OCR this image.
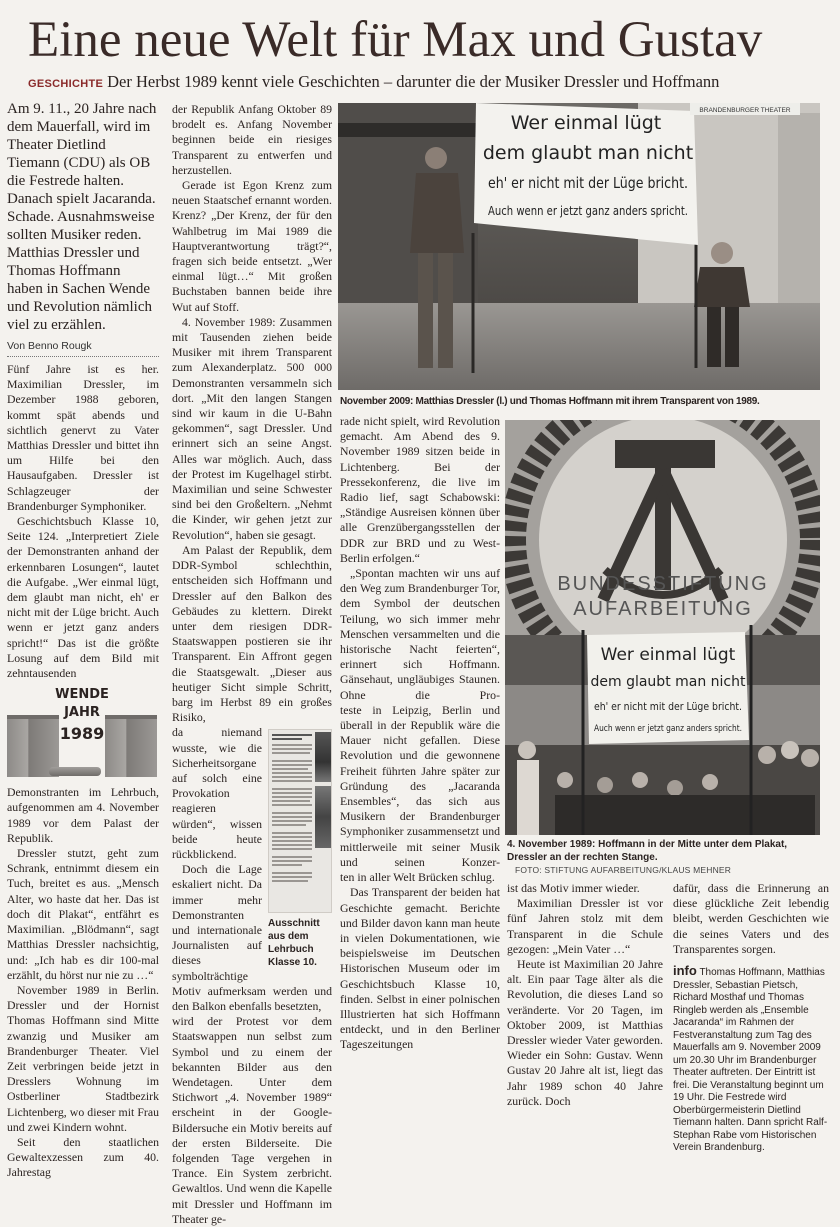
Eine neue Welt für Max und Gustav
GESCHICHTE Der Herbst 1989 kennt viele Geschichten – darunter die der Musiker Dressler und Hoffmann
Am 9. 11., 20 Jahre nach dem Mauerfall, wird im Theater Dietlind Tiemann (CDU) als OB die Festrede halten. Danach spielt Jacaranda. Schade. Ausnahmsweise sollten Musiker reden. Matthias Dressler und Thomas Hoffmann haben in Sachen Wende und Revolution nämlich viel zu erzählen.
Von Benno Rougk

Fünf Jahre ist es her. Maximilian Dressler, im Dezember 1988 geboren, kommt spät abends und sichtlich genervt zu Vater Matthias Dressler und bittet ihn um Hilfe bei den Hausaufgaben. Dressler ist Schlagzeuger der Brandenburger Symphoniker.

Geschichtsbuch Klasse 10, Seite 124. „Interpretiert Ziele der Demonstranten anhand der erkennbaren Losungen“, lautet die Aufgabe. „Wer einmal lügt, dem glaubt man nicht, eh' er nicht mit der Lüge bricht. Auch wenn er jetzt ganz anders spricht!“ Das ist die größte Losung auf dem Bild mit zehntausenden

WENDE
JAHR
1989

Demonstranten im Lehrbuch, aufgenommen am 4. November 1989 vor dem Palast der Republik.

Dressler stutzt, geht zum Schrank, entnimmt diesem ein Tuch, breitet es aus. „Mensch Alter, wo haste dat her. Das ist doch dit Plakat“, entfährt es Maximilian. „Blödmann“, sagt Matthias Dressler nachsichtig, und: „Ich hab es dir 100-mal erzählt, du hörst nur nie zu …“

November 1989 in Berlin. Dressler und der Hornist Thomas Hoffmann sind Mitte zwanzig und Musiker am Brandenburger Theater. Viel Zeit verbringen beide jetzt in Dresslers Wohnung im Ostberliner Stadtbezirk Lichtenberg, wo dieser mit Frau und zwei Kindern wohnt.

Seit den staatlichen Gewaltexzessen zum 40. Jahrestag

der Republik Anfang Oktober 89 brodelt es. Anfang November beginnen beide ein riesiges Transparent zu entwerfen und herzustellen.

Gerade ist Egon Krenz zum neuen Staatschef ernannt worden. Krenz? „Der Krenz, der für den Wahlbetrug im Mai 1989 die Hauptverantwortung trägt?“, fragen sich beide entsetzt. „Wer einmal lügt…“ Mit großen Buchstaben bannen beide ihre Wut auf Stoff.

4. November 1989: Zusammen mit Tausenden ziehen beide Musiker mit ihrem Transparent zum Alexanderplatz. 500 000 Demonstranten versammeln sich dort. „Mit den langen Stangen sind wir kaum in die U-Bahn gekommen“, sagt Dressler. Und erinnert sich an seine Angst. Alles war möglich. Auch, dass der Protest im Kugelhagel stirbt. Maximilian und seine Schwester sind bei den Großeltern. „Nehmt die Kinder, wir gehen jetzt zur Revolution“, haben sie gesagt.

Am Palast der Republik, dem DDR-Symbol schlechthin, entscheiden sich Hoffmann und Dressler auf den Balkon des Gebäudes zu klettern. Direkt unter dem riesigen DDR-Staatswappen postieren sie ihr Transparent. Ein Affront gegen die Staatsgewalt. „Dieser aus heutiger Sicht simple Schritt, barg im Herbst 89 ein großes Risiko,

Ausschnitt aus dem Lehrbuch Klasse 10.

da niemand wusste, wie die Sicherheitsorgane auf solch eine Provokation reagieren würden“, wissen beide heute rückblickend.

Doch die Lage eskaliert nicht. Da immer mehr Demonstranten und internationale Journalisten auf dieses symbolträchtige Motiv aufmerksam werden und den Balkon ebenfalls besetzten,

wird der Protest vor dem Staatswappen nun selbst zum Symbol und zu einem der bekannten Bilder aus den Wendetagen. Unter dem Stichwort „4. November 1989“ erscheint in der Google-Bildersuche ein Motiv bereits auf der ersten Bilderseite. Die folgenden Tage vergehen in Trance. Ein System zerbricht. Gewaltlos. Und wenn die Kapelle mit Dressler und Hoffmann im Theater ge-

Wer einmal lügt
dem glaubt man nicht
eh' er nicht mit der Lüge bricht.
Auch wenn er jetzt ganz anders spricht.
BRANDENBURGER THEATER
November 2009: Matthias Dressler (l.) und Thomas Hoffmann mit ihrem Transparent von 1989.

rade nicht spielt, wird Revolution gemacht. Am Abend des 9. November 1989 sitzen beide in Lichtenberg. Bei der Pressekonferenz, die live im Radio lief, sagt Schabowski: „Ständige Ausreisen können über alle Grenzübergangsstellen der DDR zur BRD und zu West-Berlin erfolgen.“

„Spontan machten wir uns auf den Weg zum Brandenburger Tor, dem Symbol der deutschen Teilung, wo sich immer mehr Menschen versammelten und die historische Nacht feierten“, erinnert sich Hoffmann. Gänsehaut, ungläubiges Staunen. Ohne die Pro-

teste in Leipzig, Berlin und überall in der Republik wäre die Mauer nicht gefallen. Diese Revolution und die gewonnene Freiheit führten Jahre später zur Gründung des „Jacaranda Ensembles“, das sich aus Musikern der Brandenburger Symphoniker zusammensetzt und mittlerweile mit seiner Musik und seinen Konzer-

ten in aller Welt Brücken schlug.

Das Transparent der beiden hat Geschichte gemacht. Berichte und Bilder davon kann man heute in vielen Dokumentationen, wie beispielsweise im Deutschen Historischen Museum oder im Geschichtsbuch Klasse 10, finden. Selbst in einer polnischen Illustrierten hat sich Hoffmann entdeckt, und in den Berliner Tageszeitungen

BUNDESSTIFTUNG
AUFARBEITUNG
Wer einmal lügt
dem glaubt man nicht
eh' er nicht mit der Lüge bricht.
Auch wenn er jetzt ganz anders spricht.
4. November 1989: Hoffmann in der Mitte unter dem Plakat, Dressler an der rechten Stange.FOTO: STIFTUNG AUFARBEITUNG/KLAUS MEHNER

ist das Motiv immer wieder.

Maximilian Dressler ist vor fünf Jahren stolz mit dem Transparent in die Schule gezogen: „Mein Vater …“

Heute ist Maximilian 20 Jahre alt. Ein paar Tage älter als die Revolution, die dieses Land so veränderte. Vor 20 Tagen, im Oktober 2009, ist Matthias Dressler wieder Vater geworden. Wieder ein Sohn: Gustav. Wenn Gustav 20 Jahre alt ist, liegt das Jahr 1989 schon 40 Jahre zurück. Doch

dafür, dass die Erinnerung an diese glückliche Zeit lebendig bleibt, werden Geschichten wie die seines Vaters und des Transparentes sorgen.

info Thomas Hoffmann, Matthias Dressler, Sebastian Pietsch, Richard Mosthaf und Thomas Ringleb werden als „Ensemble Jacaranda“ im Rahmen der Festveranstaltung zum Tag des Mauerfalls am 9. November 2009 um 20.30 Uhr im Brandenburger Theater auftreten. Der Eintritt ist frei. Die Veranstaltung beginnt um 19 Uhr. Die Festrede wird Oberbürgermeisterin Dietlind Tiemann halten. Dann spricht Ralf-Stephan Rabe vom Historischen Verein Brandenburg.
